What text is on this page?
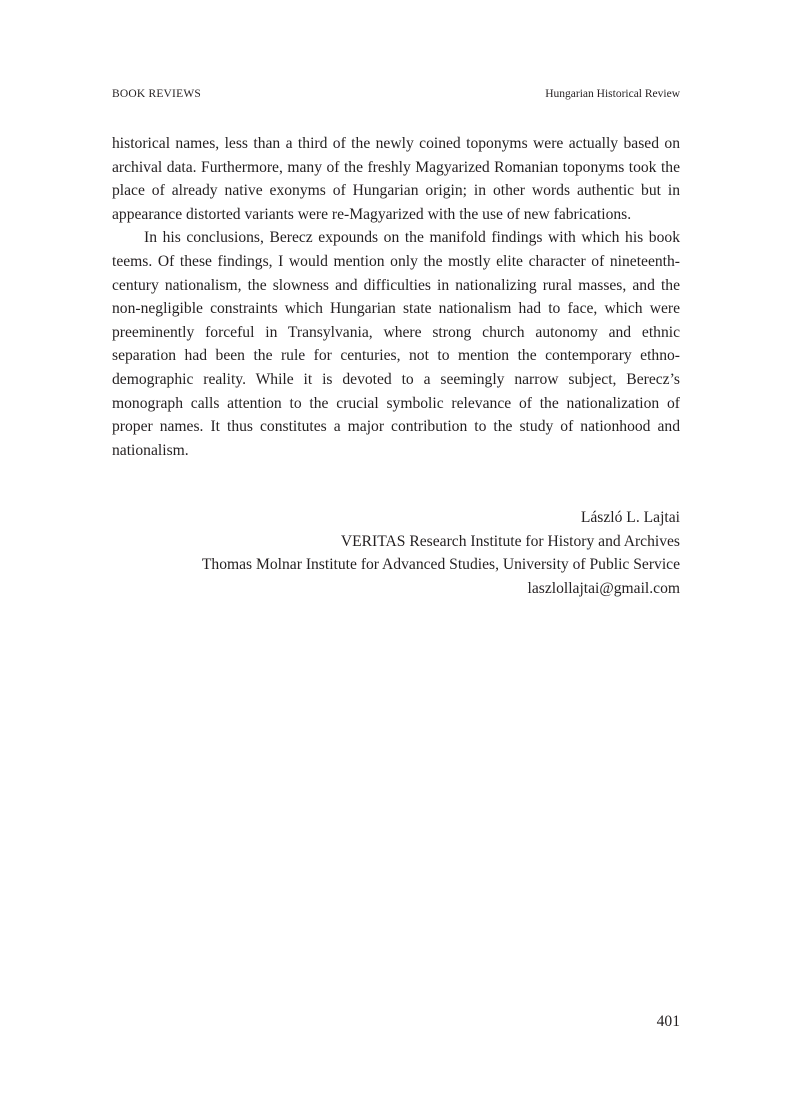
BOOK REVIEWS	Hungarian Historical Review

historical names, less than a third of the newly coined toponyms were actually based on archival data. Furthermore, many of the freshly Magyarized Romanian toponyms took the place of already native exonyms of Hungarian origin; in other words authentic but in appearance distorted variants were re-Magyarized with the use of new fabrications.

In his conclusions, Berecz expounds on the manifold findings with which his book teems. Of these findings, I would mention only the mostly elite character of nineteenth-century nationalism, the slowness and difficulties in nationalizing rural masses, and the non-negligible constraints which Hungarian state nationalism had to face, which were preeminently forceful in Transylvania, where strong church autonomy and ethnic separation had been the rule for centuries, not to mention the contemporary ethno-demographic reality. While it is devoted to a seemingly narrow subject, Berecz’s monograph calls attention to the crucial symbolic relevance of the nationalization of proper names. It thus constitutes a major contribution to the study of nationhood and nationalism.

László L. Lajtai
VERITAS Research Institute for History and Archives
Thomas Molnar Institute for Advanced Studies, University of Public Service
laszlollajtai@gmail.com
401
